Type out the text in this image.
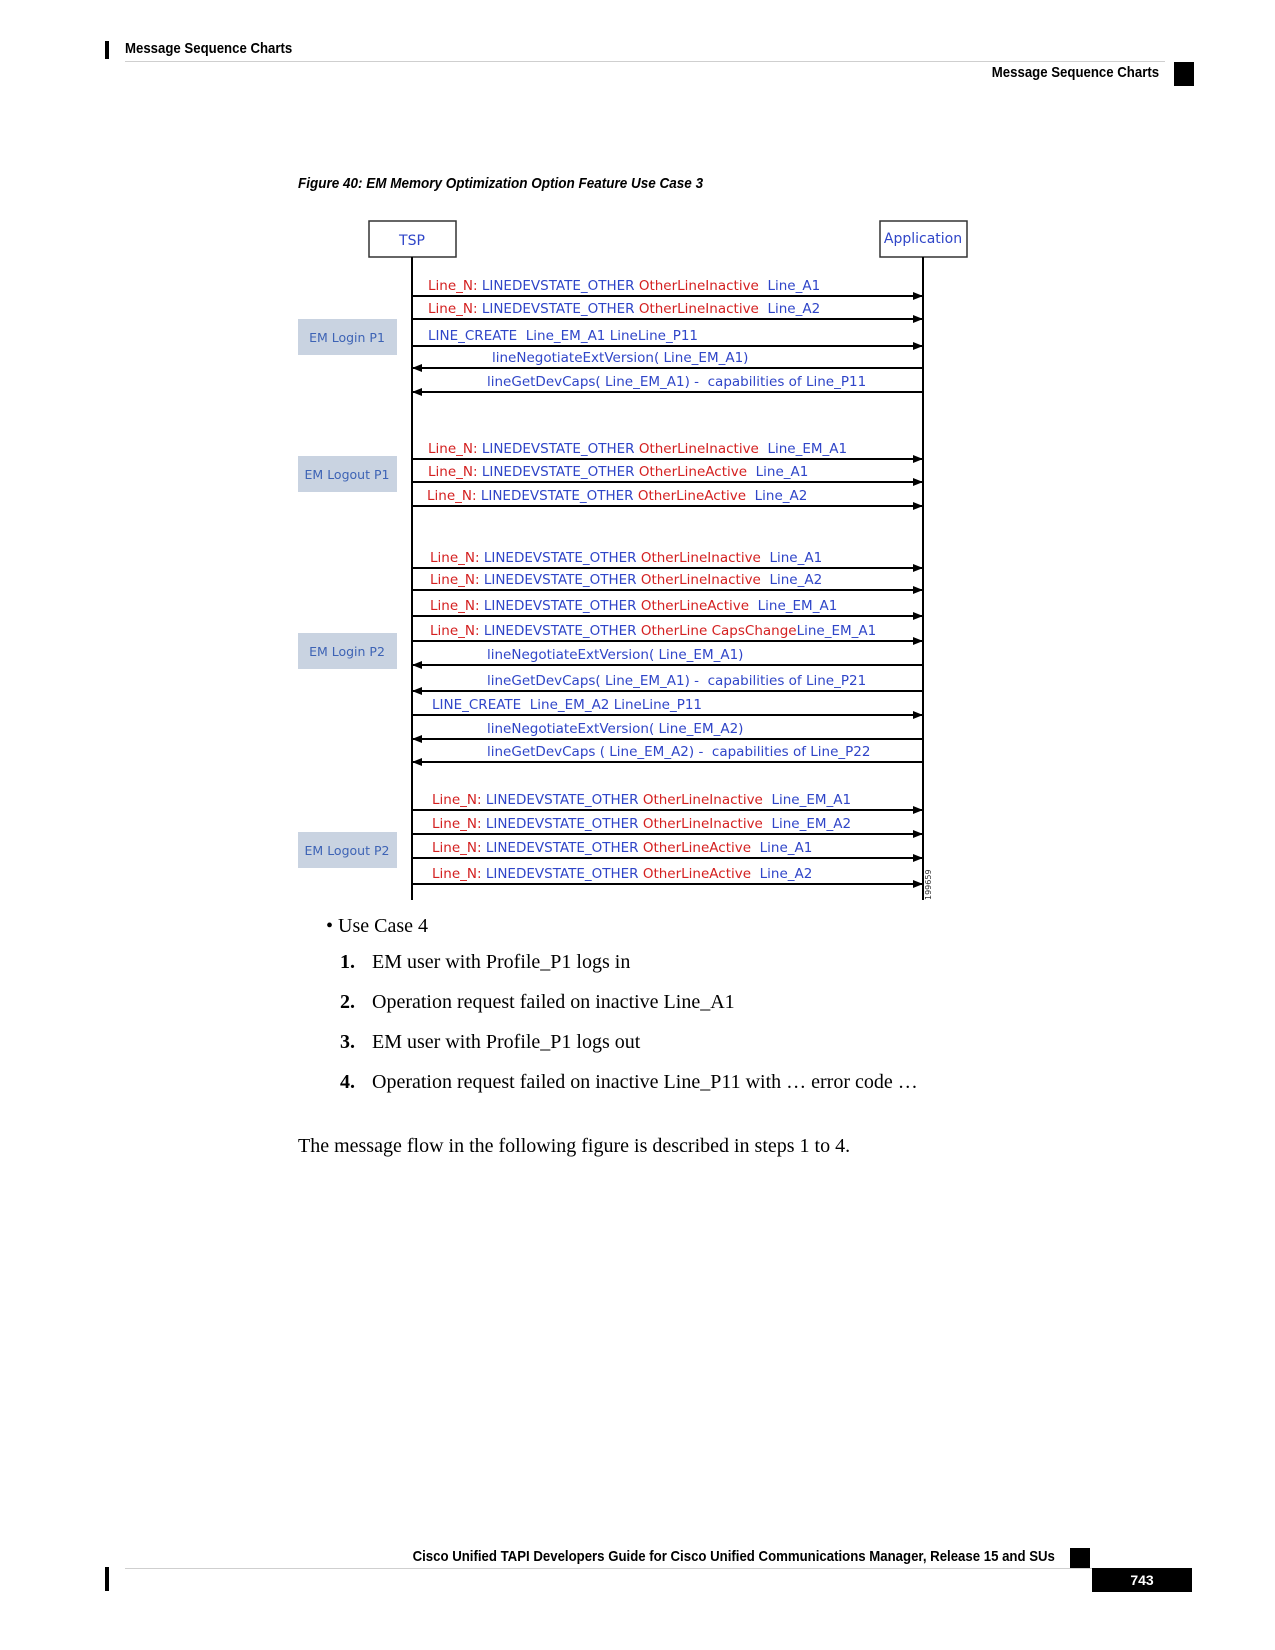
Message Sequence Charts
Message Sequence Charts
Figure 40: EM Memory Optimization Option Feature Use Case 3
TSP	Application
199659
EM Login P1
EM Logout P1
EM Login P2
EM Logout P2
Line_N: LINEDEVSTATE_OTHER OtherLineInactive  Line_A1
Line_N: LINEDEVSTATE_OTHER OtherLineInactive  Line_A2
LINE_CREATE  Line_EM_A1 LineLine_P11
lineNegotiateExtVersion( Line_EM_A1)
lineGetDevCaps( Line_EM_A1) -  capabilities of Line_P11
Line_N: LINEDEVSTATE_OTHER OtherLineInactive  Line_EM_A1
Line_N: LINEDEVSTATE_OTHER OtherLineActive  Line_A1
Line_N: LINEDEVSTATE_OTHER OtherLineActive  Line_A2
Line_N: LINEDEVSTATE_OTHER OtherLineInactive  Line_A1
Line_N: LINEDEVSTATE_OTHER OtherLineInactive  Line_A2
Line_N: LINEDEVSTATE_OTHER OtherLineActive  Line_EM_A1
Line_N: LINEDEVSTATE_OTHER OtherLine CapsChangeLine_EM_A1
lineNegotiateExtVersion( Line_EM_A1)
lineGetDevCaps( Line_EM_A1) -  capabilities of Line_P21
LINE_CREATE  Line_EM_A2 LineLine_P11
lineNegotiateExtVersion( Line_EM_A2)
lineGetDevCaps ( Line_EM_A2) -  capabilities of Line_P22
Line_N: LINEDEVSTATE_OTHER OtherLineInactive  Line_EM_A1
Line_N: LINEDEVSTATE_OTHER OtherLineInactive  Line_EM_A2
Line_N: LINEDEVSTATE_OTHER OtherLineActive  Line_A1
Line_N: LINEDEVSTATE_OTHER OtherLineActive  Line_A2
• Use Case 4
1. EM user with Profile_P1 logs in
2. Operation request failed on inactive Line_A1
3. EM user with Profile_P1 logs out
4. Operation request failed on inactive Line_P11 with … error code …

The message flow in the following figure is described in steps 1 to 4.

Cisco Unified TAPI Developers Guide for Cisco Unified Communications Manager, Release 15 and SUs
743
